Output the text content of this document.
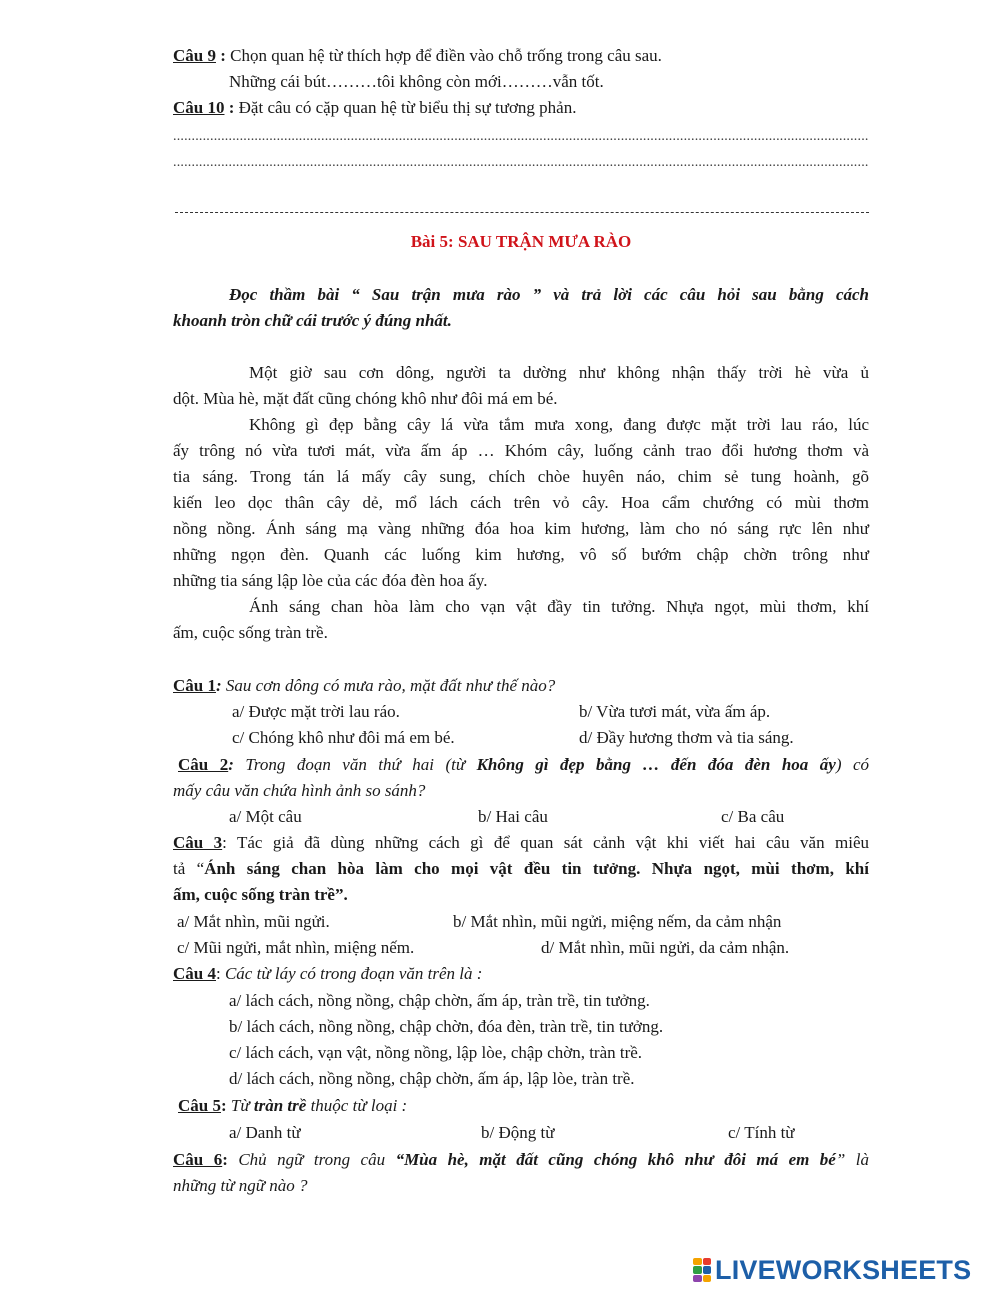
Câu 9 : Chọn quan hệ từ thích hợp để điền vào chỗ trống trong câu sau.
Những cái bút………tôi không còn mới………vẫn tốt.
Câu 10 : Đặt câu có cặp quan hệ từ biểu thị sự tương phản.
............................................................................................................................................................................................
............................................................................................................................................................................................
Bài 5: SAU TRẬN MƯA RÀO
Đọc thầm bài “ Sau trận mưa rào ” và trả lời các câu hỏi sau bằng cách
khoanh tròn chữ cái trước ý đúng nhất.
Một giờ sau cơn dông, người ta dường như không nhận thấy trời hè vừa ủ
dột. Mùa hè, mặt đất cũng chóng khô như đôi má em bé.
Không gì đẹp bằng cây lá vừa tắm mưa xong, đang được mặt trời lau ráo, lúc
ấy trông nó vừa tươi mát, vừa ấm áp … Khóm cây, luống cảnh trao đổi hương thơm và
tia sáng. Trong tán lá mấy cây sung, chích chòe huyên náo, chim sẻ tung hoành, gõ
kiến leo dọc thân cây dẻ, mổ lách cách trên vỏ cây. Hoa cẩm chướng có mùi thơm
nồng nồng. Ánh sáng mạ vàng những đóa hoa kim hương, làm cho nó sáng rực lên như
những ngọn đèn. Quanh các luống kim hương, vô số bướm chập chờn trông như
những tia sáng lập lòe của các đóa đèn hoa ấy.
Ánh sáng chan hòa làm cho vạn vật đầy tin tưởng. Nhựa ngọt, mùi thơm, khí
ấm, cuộc sống tràn trề.
Câu 1: Sau cơn dông có mưa rào, mặt đất như thế nào?
a/ Được mặt trời lau ráo.	b/ Vừa tươi mát, vừa ấm áp.
c/ Chóng khô như đôi má em bé.	d/ Đầy hương thơm và tia sáng.
Câu 2: Trong đoạn văn thứ hai (từ Không gì đẹp bằng … đến đóa đèn hoa ấy) có
mấy câu văn chứa hình ảnh so sánh?
a/ Một câu	b/ Hai câu	c/ Ba câu
Câu 3: Tác giả đã dùng những cách gì để quan sát cảnh vật khi viết hai câu văn miêu
tả “Ánh sáng chan hòa làm cho mọi vật đều tin tưởng. Nhựa ngọt, mùi thơm, khí
ấm, cuộc sống tràn trề”.
a/ Mắt nhìn, mũi ngửi.	b/ Mắt nhìn, mũi ngửi, miệng nếm, da cảm nhận
c/ Mũi ngửi, mắt nhìn, miệng nếm.	d/ Mắt nhìn, mũi ngửi, da cảm nhận.
Câu 4: Các từ láy có trong đoạn văn trên là :
a/ lách cách, nồng nồng, chập chờn, ấm áp, tràn trề, tin tưởng.
b/ lách cách, nồng nồng, chập chờn, đóa đèn, tràn trề, tin tưởng.
c/ lách cách, vạn vật, nồng nồng, lập lòe, chập chờn, tràn trề.
d/ lách cách, nồng nồng, chập chờn, ấm áp, lập lòe, tràn trề.
Câu 5: Từ tràn trề thuộc từ loại :
a/ Danh từ	b/ Động từ	c/ Tính từ
Câu 6: Chủ ngữ trong câu “Mùa hè, mặt đất cũng chóng khô như đôi má em bé” là
những từ ngữ nào ?
LIVEWORKSHEETS
